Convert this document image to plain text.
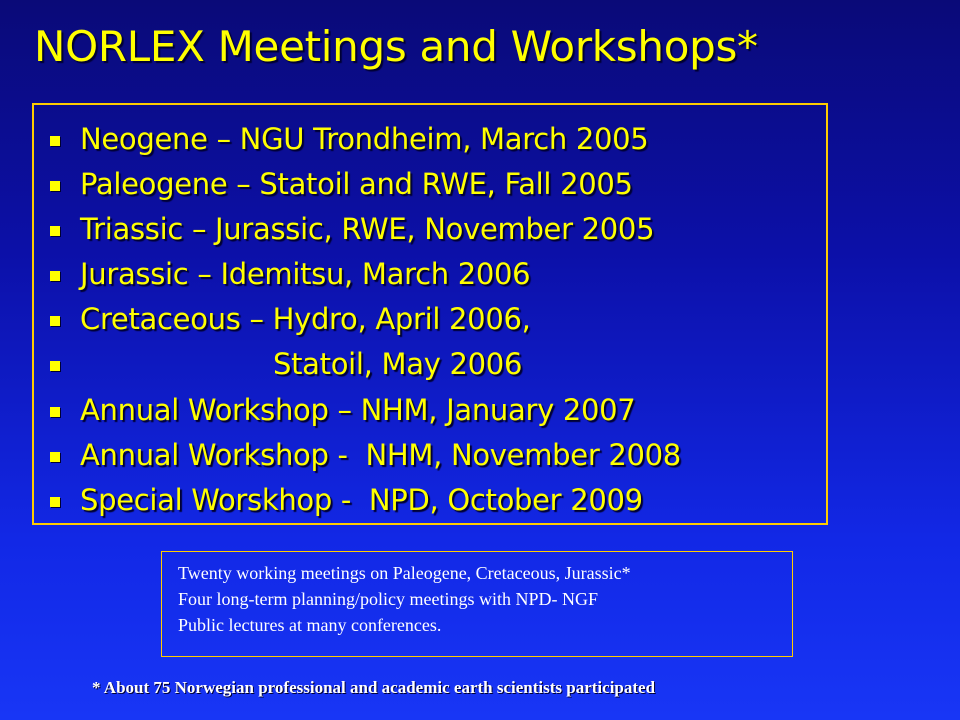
NORLEX Meetings and Workshops*
Neogene – NGU Trondheim, March 2005
Paleogene – Statoil and RWE, Fall 2005
Triassic – Jurassic, RWE, November 2005
Jurassic – Idemitsu, March 2006
Cretaceous – Hydro, April 2006,
Statoil, May 2006
Annual Workshop – NHM, January 2007
Annual Workshop -  NHM, November 2008
Special Worskhop -  NPD, October 2009
Twenty working meetings on Paleogene, Cretaceous, Jurassic*
Four long-term planning/policy meetings with NPD- NGF
Public lectures at many conferences.
* About 75 Norwegian professional and academic earth scientists participated
